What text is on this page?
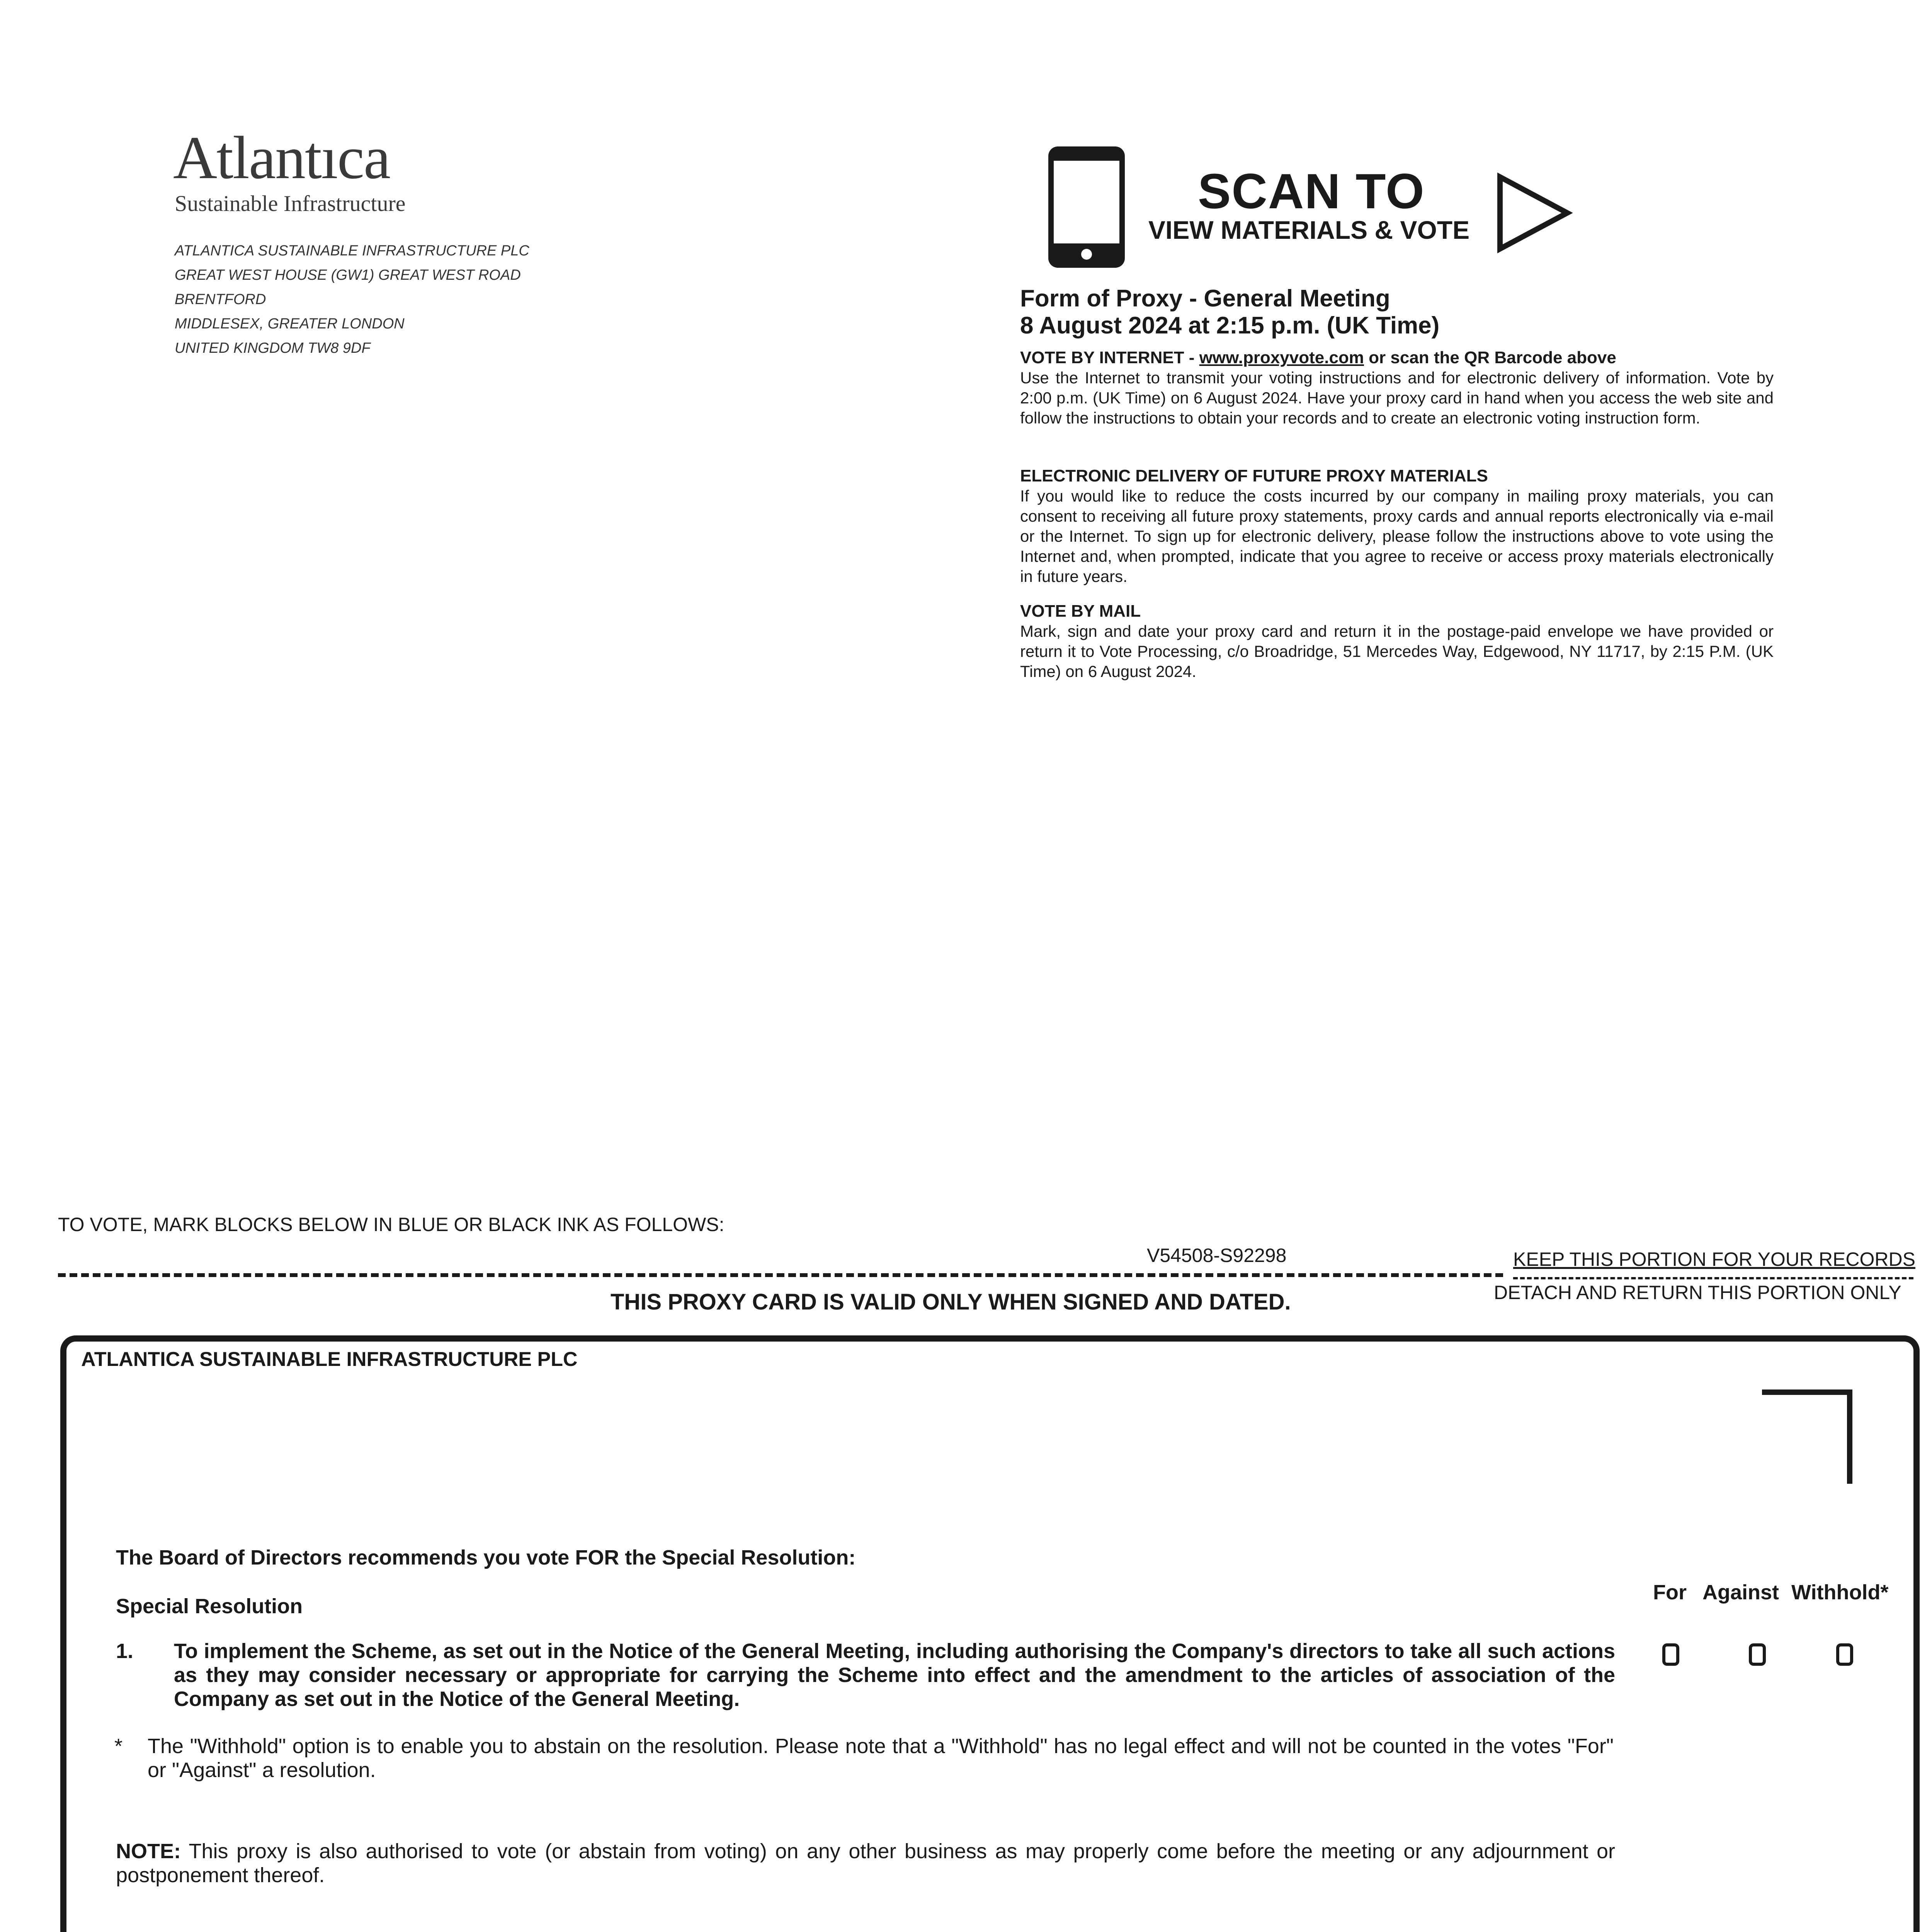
Atlantıca
Sustainable Infrastructure
ATLANTICA SUSTAINABLE INFRASTRUCTURE PLC
GREAT WEST HOUSE (GW1) GREAT WEST ROAD
BRENTFORD
MIDDLESEX, GREATER LONDON
UNITED KINGDOM TW8 9DF
SCAN TO
VIEW MATERIALS & VOTE
Form of Proxy - General Meeting
8 August 2024 at 2:15 p.m. (UK Time)
VOTE BY INTERNET - www.proxyvote.com or scan the QR Barcode above
Use the Internet to transmit your voting instructions and for electronic delivery of information. Vote by 2:00 p.m. (UK Time) on 6 August 2024. Have your proxy card in hand when you access the web site and follow the instructions to obtain your records and to create an electronic voting instruction form.
ELECTRONIC DELIVERY OF FUTURE PROXY MATERIALS
If you would like to reduce the costs incurred by our company in mailing proxy materials, you can consent to receiving all future proxy statements, proxy cards and annual reports electronically via e-mail or the Internet. To sign up for electronic delivery, please follow the instructions above to vote using the Internet and, when prompted, indicate that you agree to receive or access proxy materials electronically in future years.
VOTE BY MAIL
Mark, sign and date your proxy card and return it in the postage-paid envelope we have provided or return it to Vote Processing, c/o Broadridge, 51 Mercedes Way, Edgewood, NY 11717, by 2:15 P.M. (UK Time) on 6 August 2024.
TO VOTE, MARK BLOCKS BELOW IN BLUE OR BLACK INK AS FOLLOWS:
V54508-S92298	KEEP THIS PORTION FOR YOUR RECORDS
DETACH AND RETURN THIS PORTION ONLY
THIS PROXY CARD IS VALID ONLY WHEN SIGNED AND DATED.
ATLANTICA SUSTAINABLE INFRASTRUCTURE PLC
The Board of Directors recommends you vote FOR the Special Resolution:
Special Resolution
For Against Withhold*
1. To implement the Scheme, as set out in the Notice of the General Meeting, including authorising the Company's directors to take all such actions as they may consider necessary or appropriate for carrying the Scheme into effect and the amendment to the articles of association of the Company as set out in the Notice of the General Meeting.
*	The "Withhold" option is to enable you to abstain on the resolution. Please note that a "Withhold" has no legal effect and will not be counted in the votes "For" or "Against" a resolution.
NOTE: This proxy is also authorised to vote (or abstain from voting) on any other business as may properly come before the meeting or any adjournment or postponement thereof.
